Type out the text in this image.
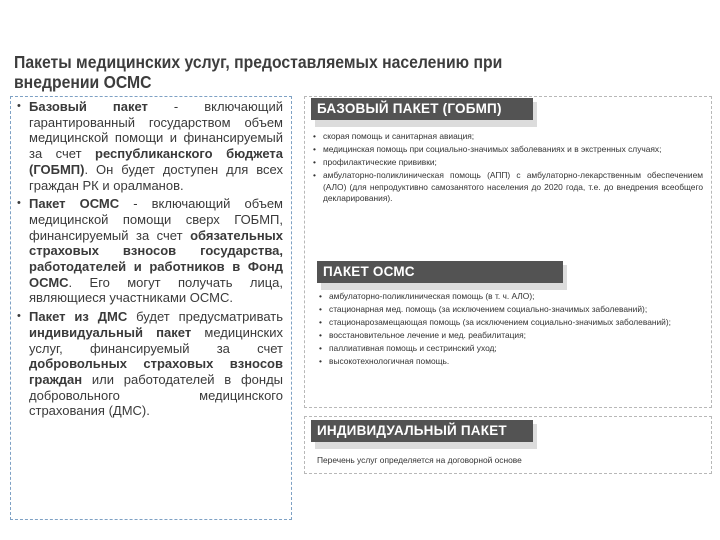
Пакеты медицинских услуг, предоставляемых населению при внедрении ОСМС
• Базовый пакет - включающий гарантированный государством объем медицинской помощи и финансируемый за счет республиканского бюджета (ГОБМП). Он будет доступен для всех граждан РК и оралманов.
• Пакет ОСМС - включающий объем медицинской помощи сверх ГОБМП, финансируемый за счет обязательных страховых взносов государства, работодателей и работников в Фонд ОСМС. Его могут получать лица, являющиеся участниками ОСМС.
• Пакет из ДМС будет предусматривать индивидуальный пакет медицинских услуг, финансируемый за счет добровольных страховых взносов граждан или работодателей в фонды добровольного медицинского страхования (ДМС).
БАЗОВЫЙ ПАКЕТ (ГОБМП)
• скорая помощь и санитарная авиация;
• медицинская помощь при социально-значимых заболеваниях и в экстренных случаях;
• профилактические прививки;
• амбулаторно-поликлиническая помощь (АПП) с амбулаторно-лекарственным обеспечением (АЛО) (для непродуктивно самозанятого населения до 2020 года, т.е. до внедрения всеобщего декларирования).
ПАКЕТ ОСМС
• амбулаторно-поликлиническая помощь (в т. ч. АЛО);
• стационарная мед. помощь (за исключением социально-значимых заболеваний);
• стационарозамещающая помощь (за исключением социально-значимых заболеваний);
• восстановительное лечение и мед. реабилитация;
• паллиативная помощь и сестринский уход;
• высокотехнологичная помощь.
ИНДИВИДУАЛЬНЫЙ ПАКЕТ
Перечень услуг определяется на договорной основе
